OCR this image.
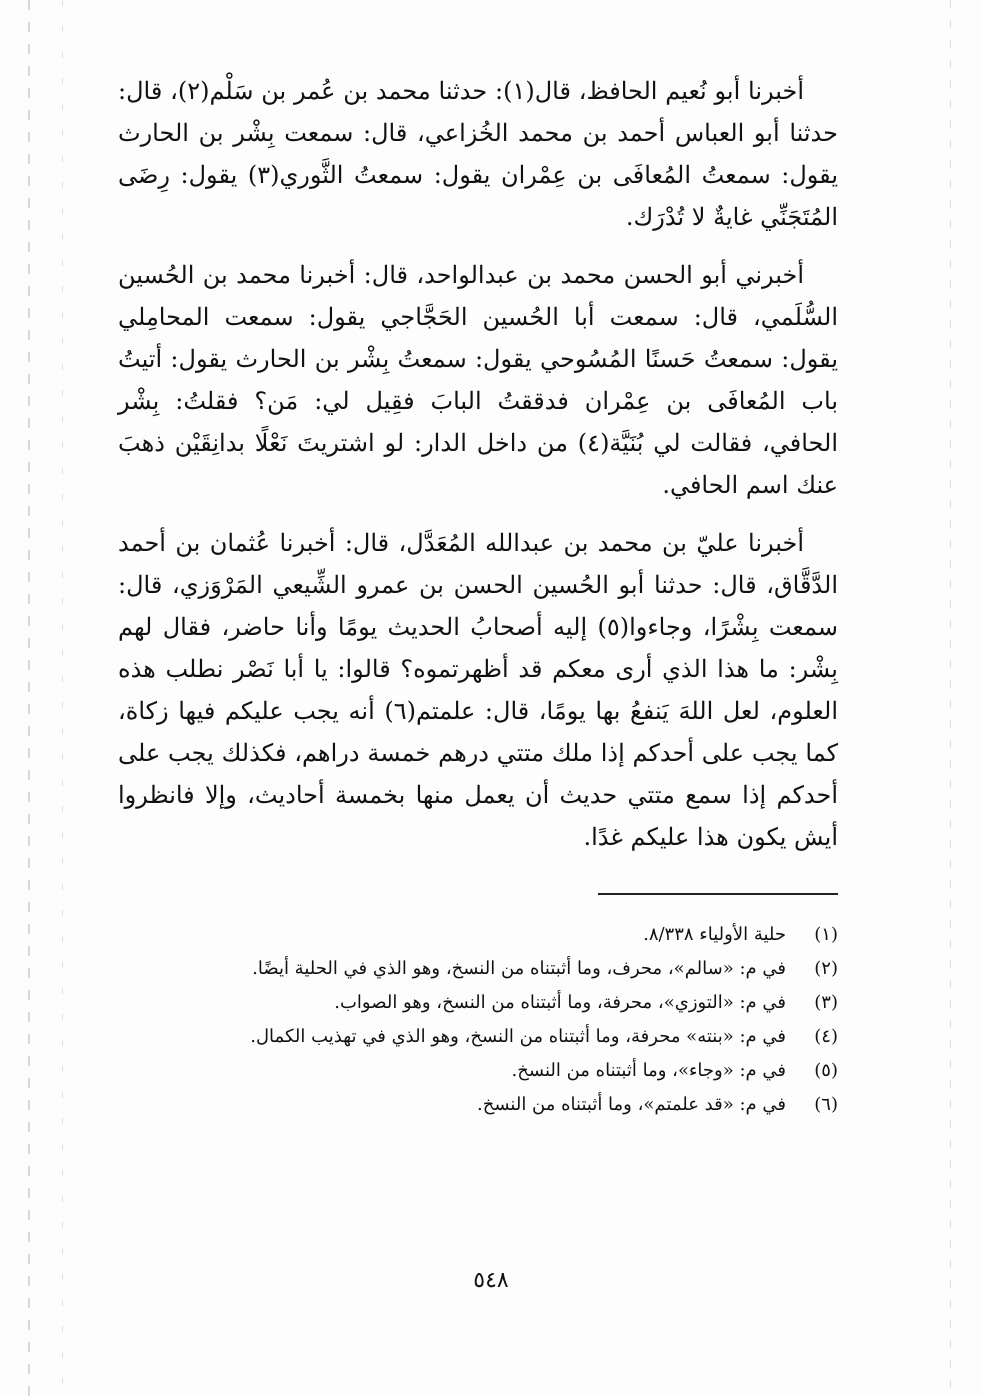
أخبرنا أبو نُعيم الحافظ، قال(١): حدثنا محمد بن عُمر بن سَلْم(٢)، قال: حدثنا أبو العباس أحمد بن محمد الخُزاعي، قال: سمعت بِشْر بن الحارث يقول: سمعتُ المُعافَى بن عِمْران يقول: سمعتُ الثَّوري(٣) يقول: رِضَى المُتَجَنِّي غايةٌ لا تُدْرَك.

أخبرني أبو الحسن محمد بن عبدالواحد، قال: أخبرنا محمد بن الحُسين السُّلَمي، قال: سمعت أبا الحُسين الحَجَّاجي يقول: سمعت المحامِلي يقول: سمعتُ حَسنًا المُسُوحي يقول: سمعتُ بِشْر بن الحارث يقول: أتيتُ باب المُعافَى بن عِمْران فدققتُ البابَ فقِيل لي: مَن؟ فقلتُ: بِشْر الحافي، فقالت لي بُنَيَّة(٤) من داخل الدار: لو اشتريتَ نَعْلًا بدانِقَيْن ذهبَ عنك اسم الحافي.

أخبرنا عليّ بن محمد بن عبدالله المُعَدَّل، قال: أخبرنا عُثمان بن أحمد الدَّقَّاق، قال: حدثنا أبو الحُسين الحسن بن عمرو الشِّيعي المَرْوَزي، قال: سمعت بِشْرًا، وجاءوا(٥) إليه أصحابُ الحديث يومًا وأنا حاضر، فقال لهم بِشْر: ما هذا الذي أرى معكم قد أظهرتموه؟ قالوا: يا أبا نَصْر نطلب هذه العلوم، لعل اللهَ يَنفعُ بها يومًا، قال: علمتم(٦) أنه يجب عليكم فيها زكاة، كما يجب على أحدكم إذا ملك متتي درهم خمسة دراهم، فكذلك يجب على أحدكم إذا سمع متتي حديث أن يعمل منها بخمسة أحاديث، وإلا فانظروا أيش يكون هذا عليكم غدًا.

(١)
حلية الأولياء ٨/٣٣٨.
(٢)
في م: «سالم»، محرف، وما أثبتناه من النسخ، وهو الذي في الحلية أيضًا.
(٣)
في م: «التوزي»، محرفة، وما أثبتناه من النسخ، وهو الصواب.
(٤)
في م: «بنته» محرفة، وما أثبتناه من النسخ، وهو الذي في تهذيب الكمال.
(٥)
في م: «وجاء»، وما أثبتناه من النسخ.
(٦)
في م: «قد علمتم»، وما أثبتناه من النسخ.
٥٤٨
